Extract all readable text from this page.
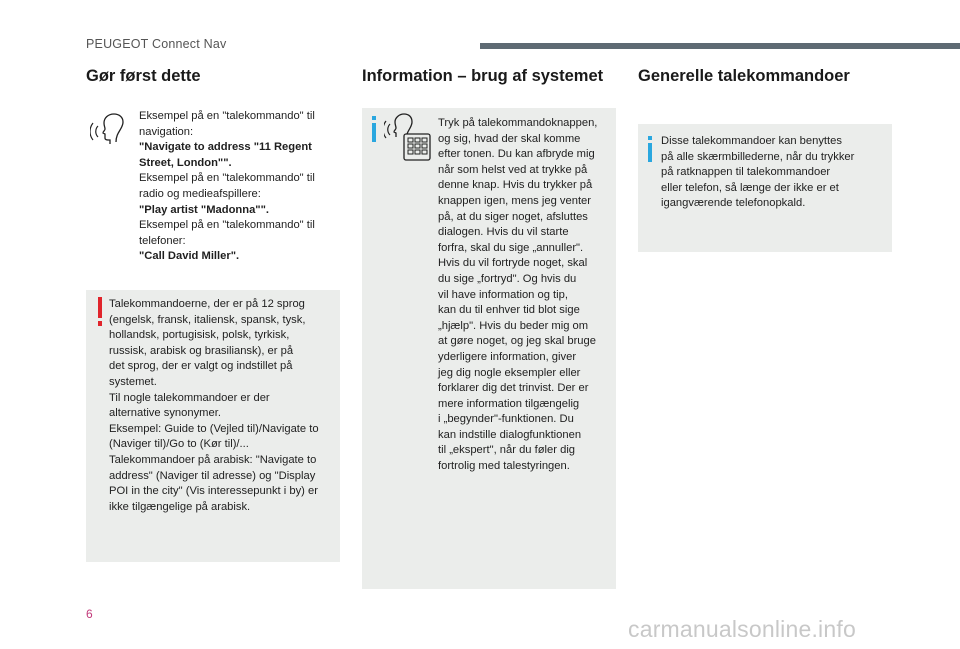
PEUGEOT Connect Nav
Gør først dette	Information – brug af systemet Generelle talekommandoer
Eksempel på en "talekommando" til
navigation:
"Navigate to address "11 Regent
Street, London"".
Eksempel på en "talekommando" til
radio og medieafspillere:
"Play artist "Madonna"".
Eksempel på en "talekommando" til
telefoner:
"Call David Miller".
Talekommandoerne, der er på 12 sprog
(engelsk, fransk, italiensk, spansk, tysk,
hollandsk, portugisisk, polsk, tyrkisk,
russisk, arabisk og brasiliansk), er på
det sprog, der er valgt og indstillet på
systemet.
Til nogle talekommandoer er der
alternative synonymer.
Eksempel: Guide to (Vejled til)/Navigate to
(Naviger til)/Go to (Kør til)/...
Talekommandoer på arabisk: "Navigate to
address" (Naviger til adresse) og "Display
POI in the city" (Vis interessepunkt i by) er
ikke tilgængelige på arabisk.
Tryk på talekommandoknappen,
og sig, hvad der skal komme
efter tonen. Du kan afbryde mig
når som helst ved at trykke på
denne knap. Hvis du trykker på
knappen igen, mens jeg venter
på, at du siger noget, afsluttes
dialogen. Hvis du vil starte
forfra, skal du sige „annuller".
Hvis du vil fortryde noget, skal
du sige „fortryd". Og hvis du
vil have information og tip,
kan du til enhver tid blot sige
„hjælp". Hvis du beder mig om
at gøre noget, og jeg skal bruge
yderligere information, giver
jeg dig nogle eksempler eller
forklarer dig det trinvist. Der er
mere information tilgængelig
i „begynder"-funktionen. Du
kan indstille dialogfunktionen
til „ekspert", når du føler dig
fortrolig med talestyringen.
Disse talekommandoer kan benyttes
på alle skærmbillederne, når du trykker
på ratknappen til talekommandoer
eller telefon, så længe der ikke er et
igangværende telefonopkald.
6
carmanualsonline.info
